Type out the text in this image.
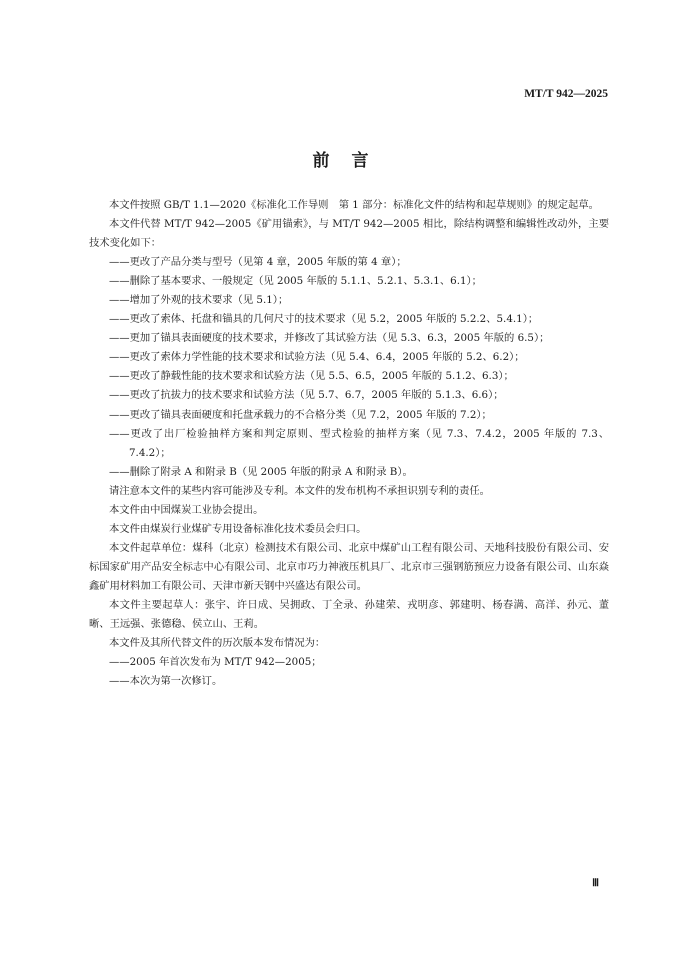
MT/T 942—2025
前言

本文件按照 GB/T 1.1—2020《标准化工作导则　第 1 部分：标准化文件的结构和起草规则》的规定起草。

本文件代替 MT/T 942—2005《矿用锚索》，与 MT/T 942—2005 相比，除结构调整和编辑性改动外，主要技术变化如下：

——更改了产品分类与型号（见第 4 章，2005 年版的第 4 章）；

——删除了基本要求、一般规定（见 2005 年版的 5.1.1、5.2.1、5.3.1、6.1）；

——增加了外观的技术要求（见 5.1）；

——更改了索体、托盘和锚具的几何尺寸的技术要求（见 5.2，2005 年版的 5.2.2、5.4.1）；

——更加了锚具表面硬度的技术要求，并修改了其试验方法（见 5.3、6.3，2005 年版的 6.5）；

——更改了索体力学性能的技术要求和试验方法（见 5.4、6.4，2005 年版的 5.2、6.2）；

——更改了静载性能的技术要求和试验方法（见 5.5、6.5，2005 年版的 5.1.2、6.3）；

——更改了抗拔力的技术要求和试验方法（见 5.7、6.7，2005 年版的 5.1.3、6.6）；

——更改了锚具表面硬度和托盘承载力的不合格分类（见 7.2，2005 年版的 7.2）；

——更改了出厂检验抽样方案和判定原则、型式检验的抽样方案（见 7.3、7.4.2，2005 年版的 7.3、7.4.2）；

——删除了附录 A 和附录 B（见 2005 年版的附录 A 和附录 B）。

请注意本文件的某些内容可能涉及专利。本文件的发布机构不承担识别专利的责任。

本文件由中国煤炭工业协会提出。

本文件由煤炭行业煤矿专用设备标准化技术委员会归口。

本文件起草单位：煤科（北京）检测技术有限公司、北京中煤矿山工程有限公司、天地科技股份有限公司、安标国家矿用产品安全标志中心有限公司、北京市巧力神液压机具厂、北京市三强钢筋预应力设备有限公司、山东焱鑫矿用材料加工有限公司、天津市新天钢中兴盛达有限公司。

本文件主要起草人：张宇、许日成、吴拥政、丁全录、孙建荣、戎明彦、郭建明、杨春满、高洋、孙元、董晰、王远强、张德稳、侯立山、王莉。

本文件及其所代替文件的历次版本发布情况为：

——2005 年首次发布为 MT/T 942—2005；

——本次为第一次修订。

Ⅲ
